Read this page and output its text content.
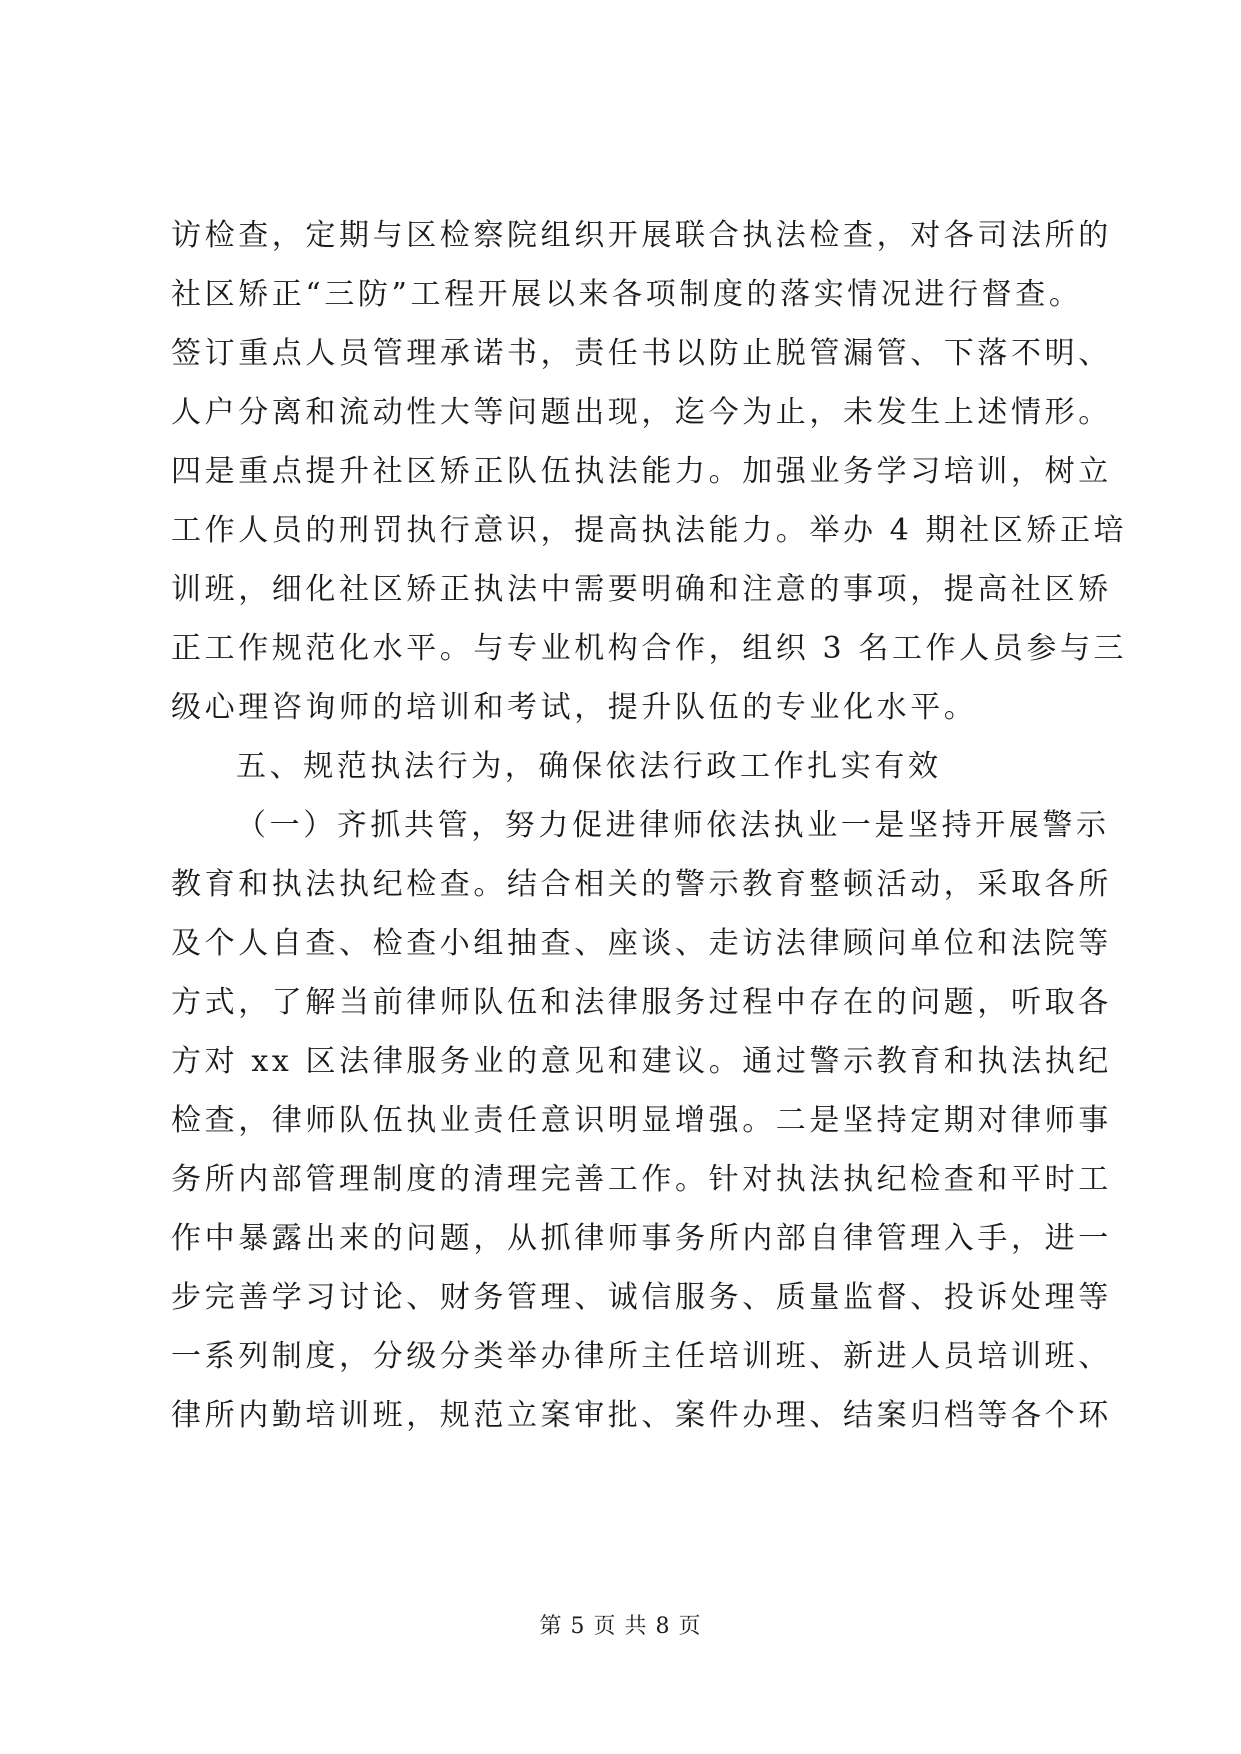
访检查，定期与区检察院组织开展联合执法检查，对各司法所的
社区矫正“三防”工程开展以来各项制度的落实情况进行督查。
签订重点人员管理承诺书，责任书以防止脱管漏管、下落不明、
人户分离和流动性大等问题出现，迄今为止，未发生上述情形。
四是重点提升社区矫正队伍执法能力。加强业务学习培训，树立
工作人员的刑罚执行意识，提高执法能力。举办 4 期社区矫正培
训班，细化社区矫正执法中需要明确和注意的事项，提高社区矫
正工作规范化水平。与专业机构合作，组织 3 名工作人员参与三
级心理咨询师的培训和考试，提升队伍的专业化水平。
五、规范执法行为，确保依法行政工作扎实有效
（一）齐抓共管，努力促进律师依法执业一是坚持开展警示
教育和执法执纪检查。结合相关的警示教育整顿活动，采取各所
及个人自查、检查小组抽查、座谈、走访法律顾问单位和法院等
方式，了解当前律师队伍和法律服务过程中存在的问题，听取各
方对 xx 区法律服务业的意见和建议。通过警示教育和执法执纪
检查，律师队伍执业责任意识明显增强。二是坚持定期对律师事
务所内部管理制度的清理完善工作。针对执法执纪检查和平时工
作中暴露出来的问题，从抓律师事务所内部自律管理入手，进一
步完善学习讨论、财务管理、诚信服务、质量监督、投诉处理等
一系列制度，分级分类举办律所主任培训班、新进人员培训班、
律所内勤培训班，规范立案审批、案件办理、结案归档等各个环
第 5 页 共 8 页
